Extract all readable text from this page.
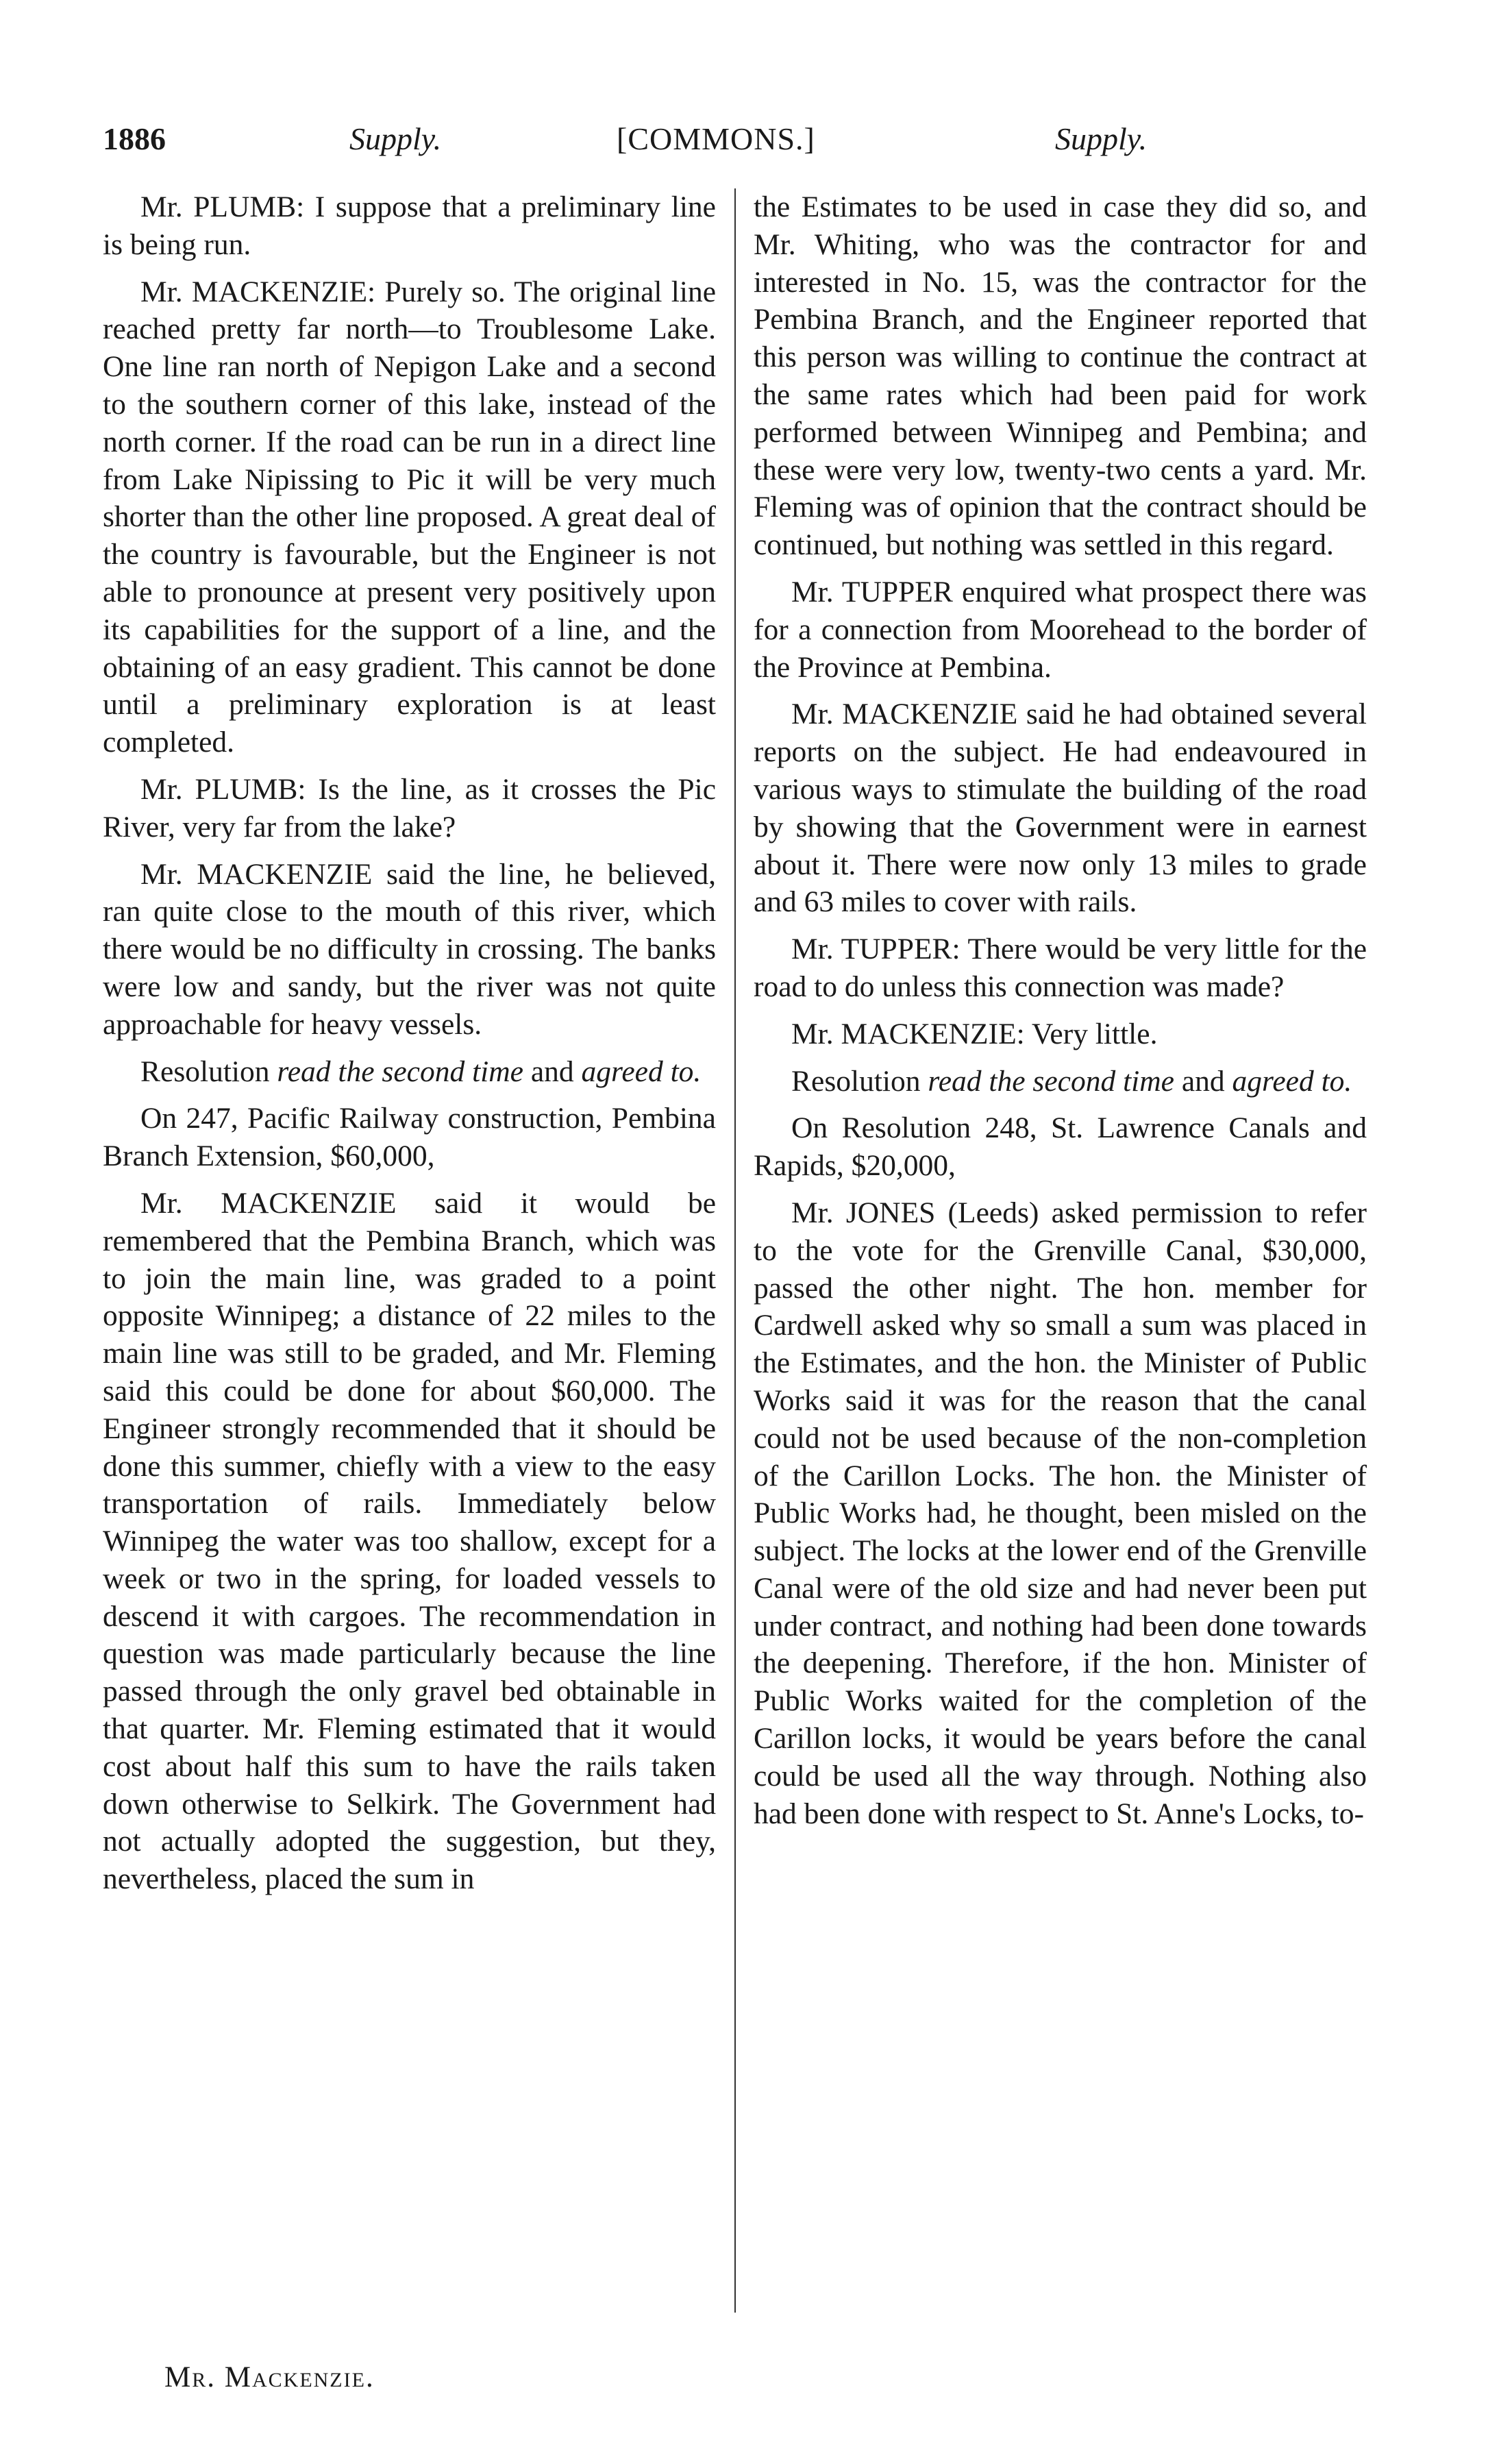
1886	Supply.	[COMMONS.]	Supply.

Mr. PLUMB: I suppose that a preliminary line is being run.

Mr. MACKENZIE: Purely so. The original line reached pretty far north—to Troublesome Lake. One line ran north of Nepigon Lake and a second to the southern corner of this lake, instead of the north corner. If the road can be run in a direct line from Lake Nipissing to Pic it will be very much shorter than the other line proposed. A great deal of the country is favourable, but the Engineer is not able to pronounce at present very positively upon its capabilities for the support of a line, and the obtaining of an easy gradient. This cannot be done until a preliminary exploration is at least completed.

Mr. PLUMB: Is the line, as it crosses the Pic River, very far from the lake?

Mr. MACKENZIE said the line, he believed, ran quite close to the mouth of this river, which there would be no difficulty in crossing. The banks were low and sandy, but the river was not quite approachable for heavy vessels.

Resolution read the second time and agreed to.

On 247, Pacific Railway construction, Pembina Branch Extension, $60,000,

Mr. MACKENZIE said it would be remembered that the Pembina Branch, which was to join the main line, was graded to a point opposite Winnipeg; a distance of 22 miles to the main line was still to be graded, and Mr. Fleming said this could be done for about $60,000. The Engineer strongly recommended that it should be done this summer, chiefly with a view to the easy transportation of rails. Immediately below Winnipeg the water was too shallow, except for a week or two in the spring, for loaded vessels to descend it with cargoes. The recommendation in question was made particularly because the line passed through the only gravel bed obtainable in that quarter. Mr. Fleming estimated that it would cost about half this sum to have the rails taken down otherwise to Selkirk. The Government had not actually adopted the suggestion, but they, nevertheless, placed the sum in

the Estimates to be used in case they did so, and Mr. Whiting, who was the contractor for and interested in No. 15, was the contractor for the Pembina Branch, and the Engineer reported that this person was willing to continue the contract at the same rates which had been paid for work performed between Winnipeg and Pembina; and these were very low, twenty-two cents a yard. Mr. Fleming was of opinion that the contract should be continued, but nothing was settled in this regard.

Mr. TUPPER enquired what prospect there was for a connection from Moorehead to the border of the Province at Pembina.

Mr. MACKENZIE said he had obtained several reports on the subject. He had endeavoured in various ways to stimulate the building of the road by showing that the Government were in earnest about it. There were now only 13 miles to grade and 63 miles to cover with rails.

Mr. TUPPER: There would be very little for the road to do unless this connection was made?

Mr. MACKENZIE: Very little.

Resolution read the second time and agreed to.

On Resolution 248, St. Lawrence Canals and Rapids, $20,000,

Mr. JONES (Leeds) asked permission to refer to the vote for the Grenville Canal, $30,000, passed the other night. The hon. member for Cardwell asked why so small a sum was placed in the Estimates, and the hon. the Minister of Public Works said it was for the reason that the canal could not be used because of the non-completion of the Carillon Locks. The hon. the Minister of Public Works had, he thought, been misled on the subject. The locks at the lower end of the Grenville Canal were of the old size and had never been put under contract, and nothing had been done towards the deepening. Therefore, if the hon. Minister of Public Works waited for the completion of the Carillon locks, it would be years before the canal could be used all the way through. Nothing also had been done with respect to St. Anne's Locks, to-

Mr. Mackenzie.
